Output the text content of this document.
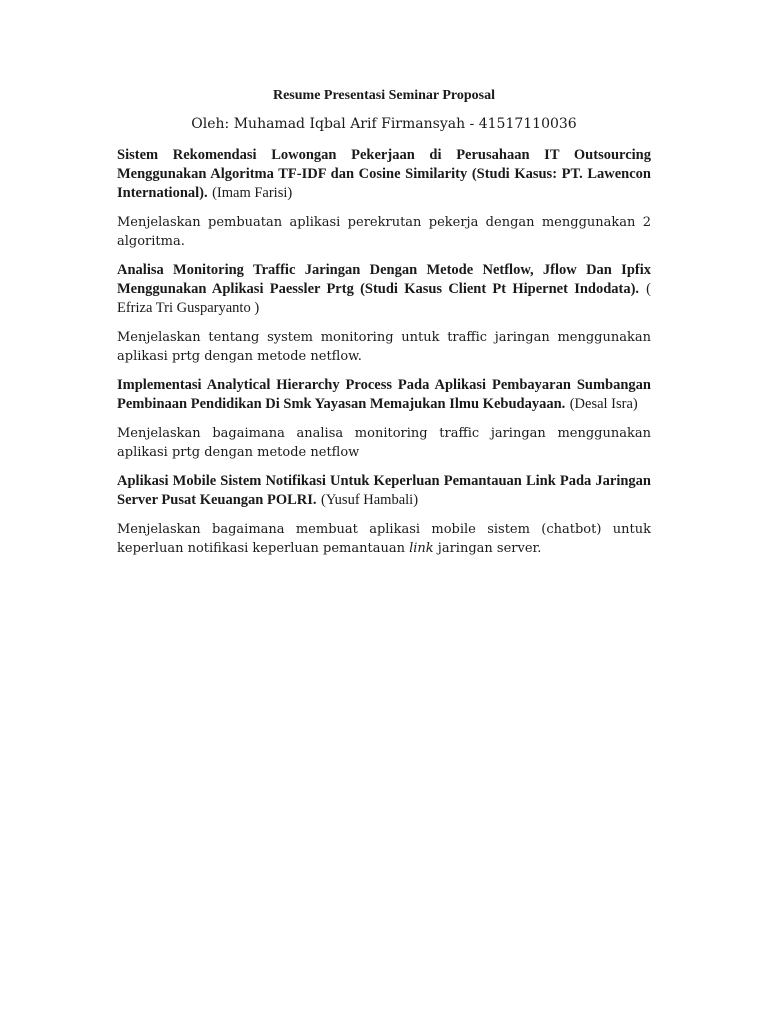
Resume Presentasi Seminar Proposal
Oleh: Muhamad Iqbal Arif Firmansyah - 41517110036
Sistem Rekomendasi Lowongan Pekerjaan di Perusahaan IT Outsourcing Menggunakan Algoritma TF-IDF dan Cosine Similarity (Studi Kasus: PT. Lawencon International). (Imam Farisi)
Menjelaskan pembuatan aplikasi perekrutan pekerja dengan menggunakan 2 algoritma.
Analisa Monitoring Traffic Jaringan Dengan Metode Netflow, Jflow Dan Ipfix Menggunakan Aplikasi Paessler Prtg (Studi Kasus Client Pt Hipernet Indodata). ( Efriza Tri Gusparyanto )
Menjelaskan tentang system monitoring untuk traffic jaringan menggunakan aplikasi prtg dengan metode netflow.
Implementasi Analytical Hierarchy Process Pada Aplikasi Pembayaran Sumbangan Pembinaan Pendidikan Di Smk Yayasan Memajukan Ilmu Kebudayaan. (Desal Isra)
Menjelaskan bagaimana analisa monitoring traffic jaringan menggunakan aplikasi prtg dengan metode netflow
Aplikasi Mobile Sistem Notifikasi Untuk Keperluan Pemantauan Link Pada Jaringan Server Pusat Keuangan POLRI. (Yusuf Hambali)
Menjelaskan bagaimana membuat aplikasi mobile sistem (chatbot) untuk keperluan notifikasi keperluan pemantauan link jaringan server.
